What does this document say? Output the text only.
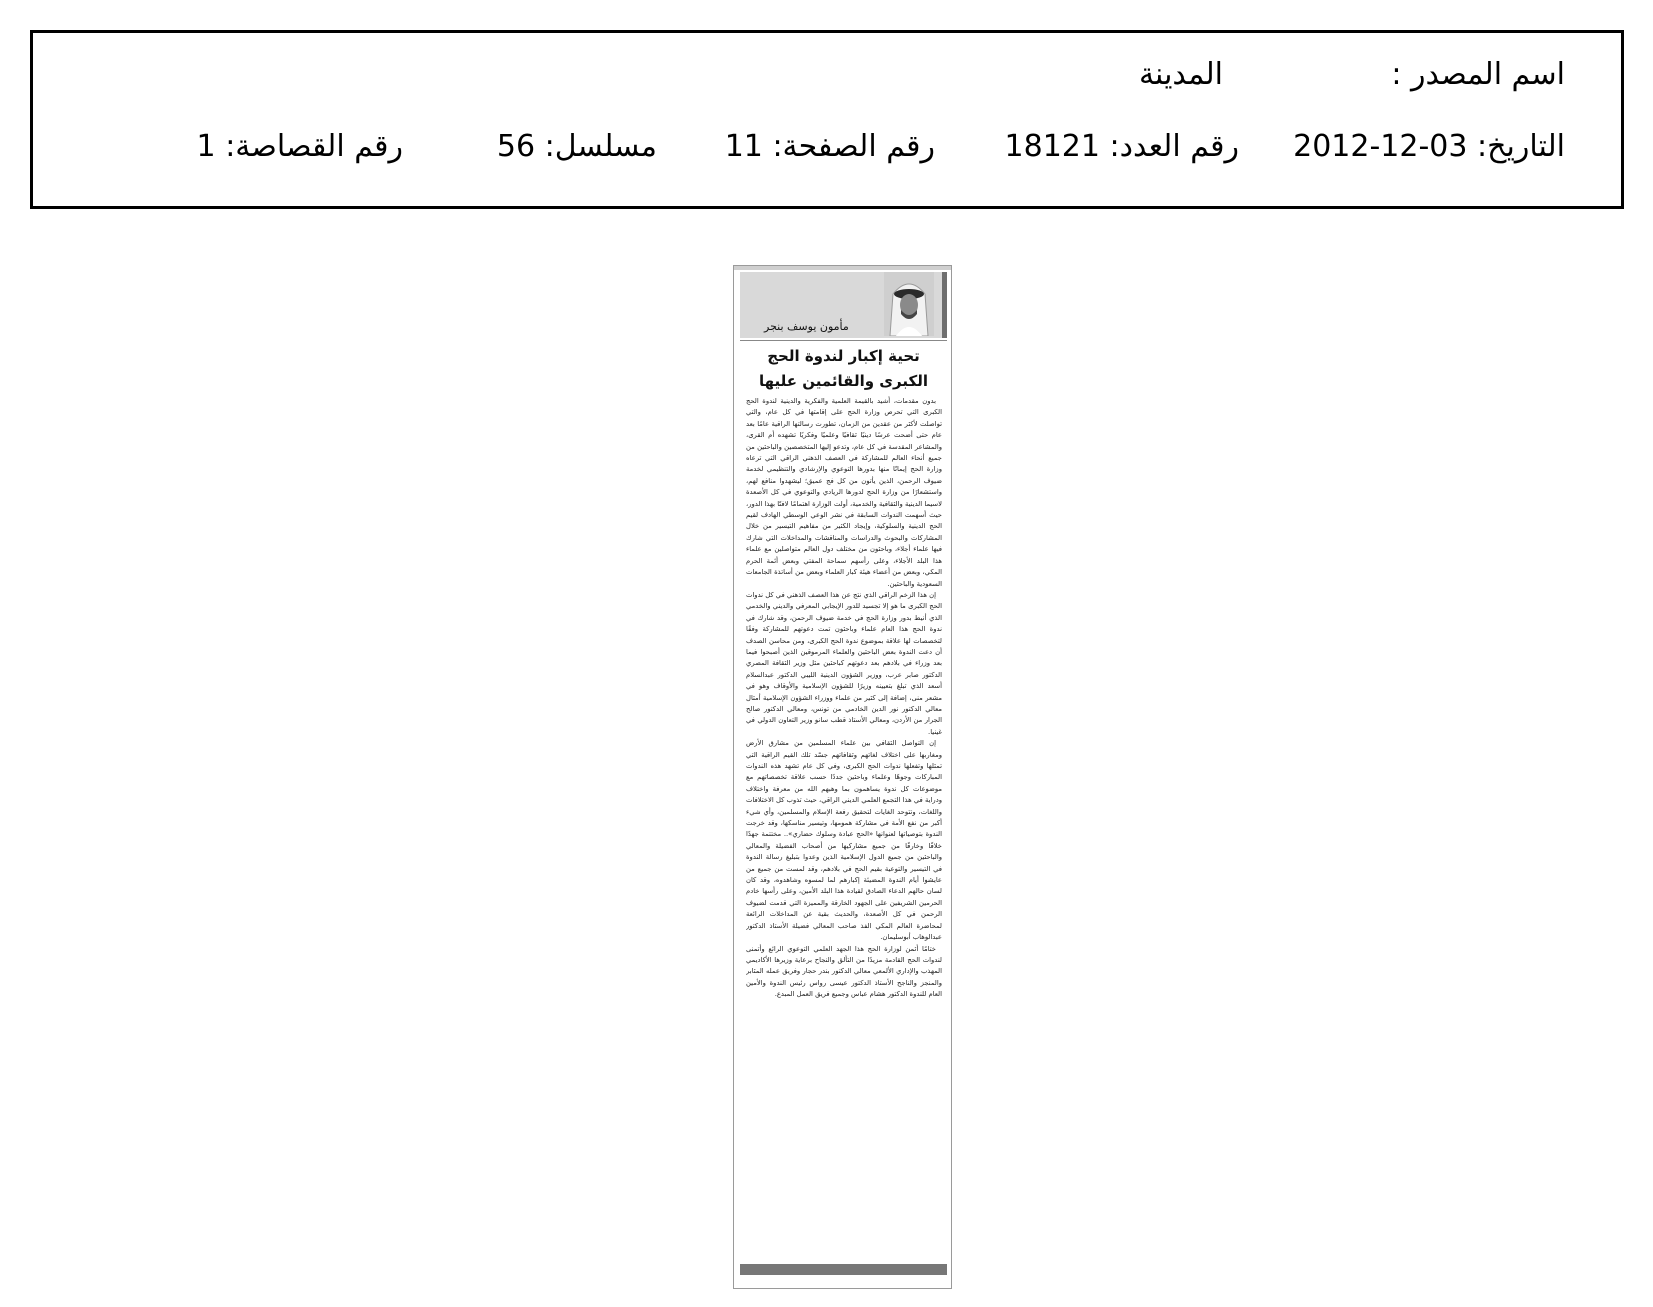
اسم المصدر :
المدينة
التاريخ: 2012-12-03
رقم العدد: 18121
رقم الصفحة: 11
مسلسل: 56
رقم القصاصة: 1
مأمون يوسف بنجر
تحية إكبار لندوة الحج
الكبرى والقائمين عليها

بدون مقدمات، أشيد بالقيمة العلمية والفكرية والدينية لندوة الحج الكبرى التي تحرص وزارة الحج على إقامتها في كل عام، والتي تواصلت لأكثر من عقدين من الزمان، تطورت رسالتها الراقية عامًا بعد عام حتى أضحت عرسًا دينيًا ثقافيًا وعلميًا وفكريًا تشهده أم القرى، والمشاعر المقدسة في كل عام، وتدعو إليها المتخصصين والباحثين من جميع أنحاء العالم للمشاركة في العصف الذهني الراقي التي ترعاه وزارة الحج إيمانًا منها بدورها التوعوي والإرشادي والتنظيمي لخدمة ضيوف الرحمن، الذين يأتون من كل فج عميق؛ ليشهدوا منافع لهم، واستشعارًا من وزارة الحج لدورها الريادي والتوعوي في كل الأصعدة لاسيما الدينية والثقافية والخدمية، أولت الوزارة اهتمامًا لافتًا بهذا الدور، حيث أسهمت الندوات السابقة في نشر الوعي الوسطي الهادف لقيم الحج الدينية والسلوكية، وإيجاد الكثير من مفاهيم التيسير من خلال المشاركات والبحوث والدراسات والمناقشات والمداخلات التي شارك فيها علماء أجلاء، وباحثون من مختلف دول العالم متواصلين مع علماء هذا البلد الأجلاء، وعلى رأسهم سماحة المفتي وبعض أئمة الحرم المكي، وبعض من أعضاء هيئة كبار العلماء وبعض من أساتذة الجامعات السعودية والباحثين.

إن هذا الزخم الراقي الذي نتج عن هذا العصف الذهني في كل ندوات الحج الكبرى ما هو إلا تجسيد للدور الإيجابي المعرفي والديني والخدمي الذي أنيط بدور وزارة الحج في خدمة ضيوف الرحمن، وقد شارك في ندوة الحج هذا العام علماء وباحثون تمت دعوتهم للمشاركة وفقًا لتخصصات لها علاقة بموضوع ندوة الحج الكبرى، ومن محاسن الصدف أن دعت الندوة بعض الباحثين والعلماء المرموقين الذين أصبحوا فيما بعد وزراء في بلادهم بعد دعوتهم كباحثين مثل وزير الثقافة المصري الدكتور صابر عرب، ووزير الشؤون الدينية الليبي الدكتور عبدالسلام أسعد الذي تبلغ بتعيينه وزيرًا للشؤون الإسلامية والأوقاف وهو في مشعر منى، إضافة إلى كثير من علماء ووزراء الشؤون الإسلامية أمثال معالي الدكتور نور الدين الخادمي من تونس، ومعالي الدكتور صالح الجرار من الأردن، ومعالي الأستاذ قطب سانو وزير التعاون الدولي في غينيا.

إن التواصل الثقافي بين علماء المسلمين من مشارق الأرض ومغاربها على اختلاف لغاتهم وثقافاتهم جسّد تلك القيم الراقية التي تمثلها وتفعلها ندوات الحج الكبرى، وفي كل عام تشهد هذه الندوات المباركات وجوهًا وعلماء وباحثين جددًا حسب علاقة تخصصاتهم مع موضوعات كل ندوة يساهمون بما وهبهم الله من معرفة واختلاف ودراية في هذا التجمع العلمي الديني الراقي، حيث تذوب كل الاختلافات واللغات، وتتوحد الغايات لتحقيق رفعة الإسلام والمسلمين، وأي شيء أكبر من نفع الأمة في مشاركة همومها، وتيسير مناسكها، وقد خرجت الندوة بتوصياتها لعنوانها «الحج عبادة وسلوك حضاري».. مختتمة جهدًا خلاقًا وخارقًا من جميع مشاركيها من أصحاب الفضيلة والمعالي والباحثين من جميع الدول الإسلامية الذين وعدوا بتبليغ رسالة الندوة في التيسير والتوعية بقيم الحج في بلادهم، وقد لمست من جميع من عايشوا أيام الندوة المضيئة إكبارهم لما لمسوه وشاهدوه، وقد كان لسان حالهم الدعاء الصادق لقيادة هذا البلد الأمين، وعلى رأسها خادم الحرمين الشريفين على الجهود الخارقة والمميزة التي قدمت لضيوف الرحمن في كل الأصعدة، والحديث بقية عن المداخلات الرائعة لمحاضرة العالم المكي الفذ صاحب المعالي فضيلة الأستاذ الدكتور عبدالوهاب أبوسليمان.

ختامًا أثمن لوزارة الحج هذا الجهد العلمي التوعوي الرائع وأتمنى لندوات الحج القادمة مزيدًا من التألق والنجاح برعاية وزيرها الأكاديمي المهذب والإداري الألمعي معالي الدكتور بندر حجار وفريق عمله المثابر والمنجز والناجح الأستاذ الدكتور عيسى رواس رئيس الندوة والأمين العام للندوة الدكتور هشام عباس وجميع فريق العمل المبدع.
